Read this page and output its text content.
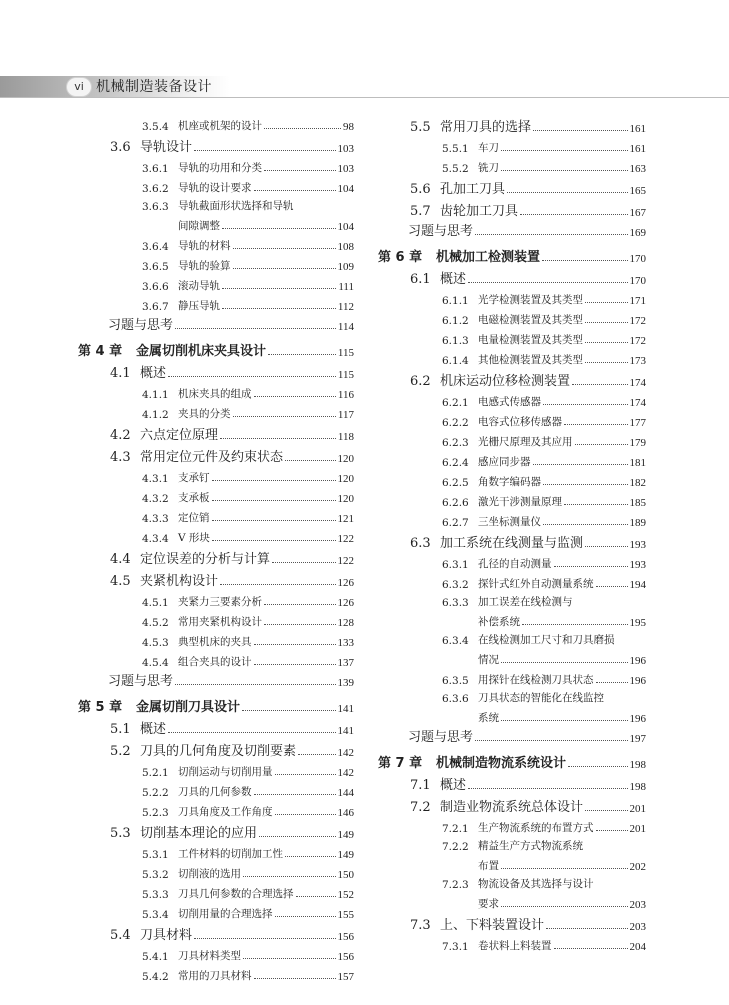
vi 机械制造装备设计
3.5.4 机座或机架的设计	98
3.6 导轨设计	103
3.6.1 导轨的功用和分类	103
3.6.2 导轨的设计要求	104
3.6.3 导轨截面形状选择和导轨
间隙调整	104
3.6.4 导轨的材料	108
3.6.5 导轨的验算	109
3.6.6 滚动导轨	111
3.6.7 静压导轨	112
习题与思考	114
第 4 章	金属切削机床夹具设计	115
4.1 概述	115
4.1.1 机床夹具的组成	116
4.1.2 夹具的分类	117
4.2 六点定位原理	118
4.3 常用定位元件及约束状态	120
4.3.1 支承钉	120
4.3.2 支承板	120
4.3.3 定位销	121
4.3.4 V 形块	122
4.4 定位误差的分析与计算	122
4.5 夹紧机构设计	126
4.5.1 夹紧力三要素分析	126
4.5.2 常用夹紧机构设计	128
4.5.3 典型机床的夹具	133
4.5.4 组合夹具的设计	137
习题与思考	139
第 5 章	金属切削刀具设计	141
5.1 概述	141
5.2 刀具的几何角度及切削要素	142
5.2.1 切削运动与切削用量	142
5.2.2 刀具的几何参数	144
5.2.3 刀具角度及工作角度	146
5.3 切削基本理论的应用	149
5.3.1 工件材料的切削加工性	149
5.3.2 切削液的选用	150
5.3.3 刀具几何参数的合理选择	152
5.3.4 切削用量的合理选择	155
5.4 刀具材料	156
5.4.1 刀具材料类型	156
5.4.2 常用的刀具材料	157
5.5 常用刀具的选择	161
5.5.1 车刀	161
5.5.2 铣刀	163
5.6 孔加工刀具	165
5.7 齿轮加工刀具	167
习题与思考	169
第 6 章	机械加工检测装置	170
6.1 概述	170
6.1.1 光学检测装置及其类型	171
6.1.2 电磁检测装置及其类型	172
6.1.3 电量检测装置及其类型	172
6.1.4 其他检测装置及其类型	173
6.2 机床运动位移检测装置	174
6.2.1 电感式传感器	174
6.2.2 电容式位移传感器	177
6.2.3 光栅尺原理及其应用	179
6.2.4 感应同步器	181
6.2.5 角数字编码器	182
6.2.6 激光干涉测量原理	185
6.2.7 三坐标测量仪	189
6.3 加工系统在线测量与监测	193
6.3.1 孔径的自动测量	193
6.3.2 探针式红外自动测量系统	194
6.3.3 加工误差在线检测与
补偿系统	195
6.3.4 在线检测加工尺寸和刀具磨损
情况	196
6.3.5 用探针在线检测刀具状态	196
6.3.6 刀具状态的智能化在线监控
系统	196
习题与思考	197
第 7 章	机械制造物流系统设计	198
7.1 概述	198
7.2 制造业物流系统总体设计	201
7.2.1 生产物流系统的布置方式	201
7.2.2 精益生产方式物流系统
布置	202
7.2.3 物流设备及其选择与设计
要求	203
7.3 上、下料装置设计	203
7.3.1 卷状料上料装置	204
